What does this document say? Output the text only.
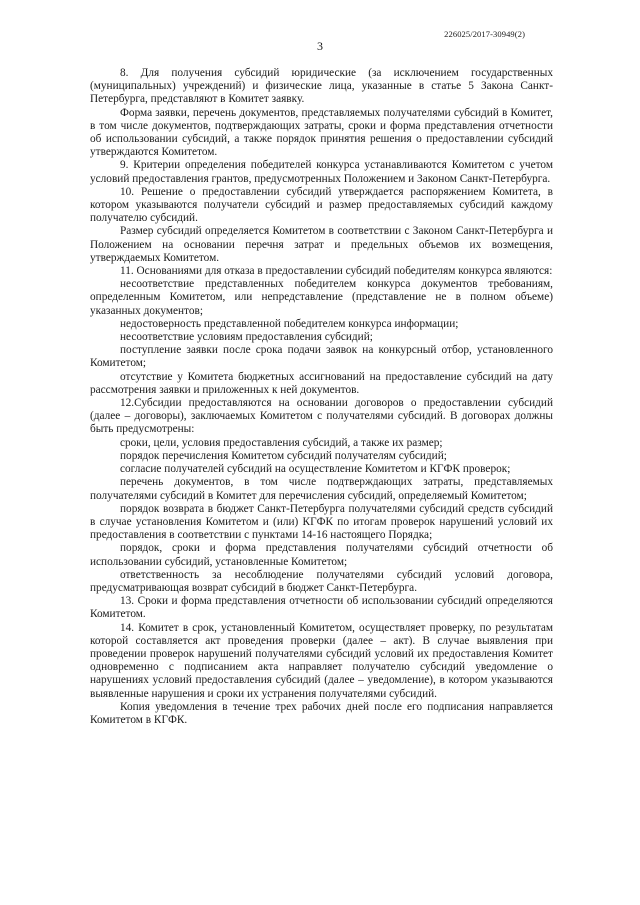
226025/2017-30949(2)
3

8. Для получения субсидий юридические (за исключением государственных (муниципальных) учреждений) и физические лица, указанные в статье 5 Закона Санкт-Петербурга, представляют в Комитет заявку.

Форма заявки, перечень документов, представляемых получателями субсидий в Комитет, в том числе документов, подтверждающих затраты, сроки и форма представления отчетности об использовании субсидий, а также порядок принятия решения о предоставлении субсидий утверждаются Комитетом.

9. Критерии определения победителей конкурса устанавливаются Комитетом с учетом условий предоставления грантов, предусмотренных Положением и Законом Санкт-Петербурга.

10. Решение о предоставлении субсидий утверждается распоряжением Комитета, в котором указываются получатели субсидий и размер предоставляемых субсидий каждому получателю субсидий.

Размер субсидий определяется Комитетом в соответствии с Законом Санкт-Петербурга и Положением на основании перечня затрат и предельных объемов их возмещения, утверждаемых Комитетом.

11. Основаниями для отказа в предоставлении субсидий победителям конкурса являются:

несоответствие представленных победителем конкурса документов требованиям, определенным Комитетом, или непредставление (представление не в полном объеме) указанных документов;

недостоверность представленной победителем конкурса информации;

несоответствие условиям предоставления субсидий;

поступление заявки после срока подачи заявок на конкурсный отбор, установленного Комитетом;

отсутствие у Комитета бюджетных ассигнований на предоставление субсидий на дату рассмотрения заявки и приложенных к ней документов.

12.Субсидии предоставляются на основании договоров о предоставлении субсидий (далее – договоры), заключаемых Комитетом с получателями субсидий. В договорах должны быть предусмотрены:

сроки, цели, условия предоставления субсидий, а также их размер;

порядок перечисления Комитетом субсидий получателям субсидий;

согласие получателей субсидий на осуществление Комитетом и КГФК проверок;

перечень документов, в том числе подтверждающих затраты, представляемых получателями субсидий в Комитет для перечисления субсидий, определяемый Комитетом;

порядок возврата в бюджет Санкт-Петербурга получателями субсидий средств субсидий в случае установления Комитетом и (или) КГФК по итогам проверок нарушений условий их предоставления в соответствии с пунктами 14-16 настоящего Порядка;

порядок, сроки и форма представления получателями субсидий отчетности об использовании субсидий, установленные Комитетом;

ответственность за несоблюдение получателями субсидий условий договора, предусматривающая возврат субсидий в бюджет Санкт-Петербурга.

13. Сроки и форма представления отчетности об использовании субсидий определяются Комитетом.

14. Комитет в срок, установленный Комитетом, осуществляет проверку, по результатам которой составляется акт проведения проверки (далее – акт). В случае выявления при проведении проверок нарушений получателями субсидий условий их предоставления Комитет одновременно с подписанием акта направляет получателю субсидий уведомление о нарушениях условий предоставления субсидий (далее – уведомление), в котором указываются выявленные нарушения и сроки их устранения получателями субсидий.

Копия уведомления в течение трех рабочих дней после его подписания направляется Комитетом в КГФК.
